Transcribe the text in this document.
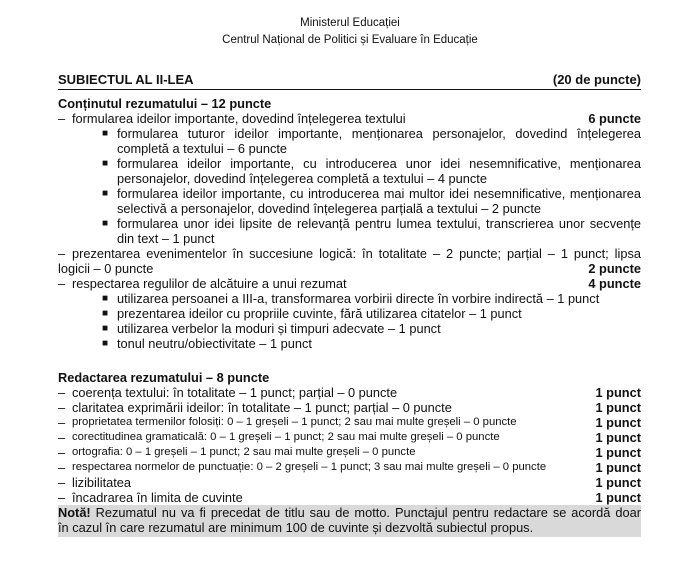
Ministerul Educației
Centrul Național de Politici și Evaluare în Educație
SUBIECTUL AL II-LEA	(20 de puncte)
Conținutul rezumatului – 12 puncte
– formularea ideilor importante, dovedind înțelegerea textului	6 puncte
■ formularea tuturor ideilor importante, menționarea personajelor, dovedind înțelegerea
completă a textului – 6 puncte
■ formularea ideilor importante, cu introducerea unor idei nesemnificative, menționarea
personajelor, dovedind înțelegerea completă a textului – 4 puncte
■ formularea ideilor importante, cu introducerea mai multor idei nesemnificative, menționarea
selectivă a personajelor, dovedind înțelegerea parțială a textului – 2 puncte
■ formularea unor idei lipsite de relevanță pentru lumea textului, transcrierea unor secvențe
din text – 1 punct
– prezentarea evenimentelor în succesiune logică: în totalitate – 2 puncte; parțial – 1 punct; lipsa
logicii – 0 puncte	2 puncte
– respectarea regulilor de alcătuire a unui rezumat	4 puncte
■ utilizarea persoanei a III-a, transformarea vorbirii directe în vorbire indirectă – 1 punct
■ prezentarea ideilor cu propriile cuvinte, fără utilizarea citatelor – 1 punct
■ utilizarea verbelor la moduri și timpuri adecvate – 1 punct
■ tonul neutru/obiectivitate – 1 punct
Redactarea rezumatului – 8 puncte
– coerența textului: în totalitate – 1 punct; parțial – 0 puncte	1 punct
– claritatea exprimării ideilor: în totalitate – 1 punct; parțial – 0 puncte	1 punct
– proprietatea termenilor folosiți: 0 – 1 greșeli – 1 punct; 2 sau mai multe greșeli – 0 puncte	1 punct
– corectitudinea gramaticală: 0 – 1 greșeli – 1 punct; 2 sau mai multe greșeli – 0 puncte	1 punct
– ortografia: 0 – 1 greșeli – 1 punct; 2 sau mai multe greșeli – 0 puncte	1 punct
– respectarea normelor de punctuație: 0 – 2 greșeli – 1 punct; 3 sau mai multe greșeli – 0 puncte	1 punct
– lizibilitatea	1 punct
– încadrarea în limita de cuvinte	1 punct
Notă! Rezumatul nu va fi precedat de titlu sau de motto. Punctajul pentru redactare se acordă doar
în cazul în care rezumatul are minimum 100 de cuvinte și dezvoltă subiectul propus.
